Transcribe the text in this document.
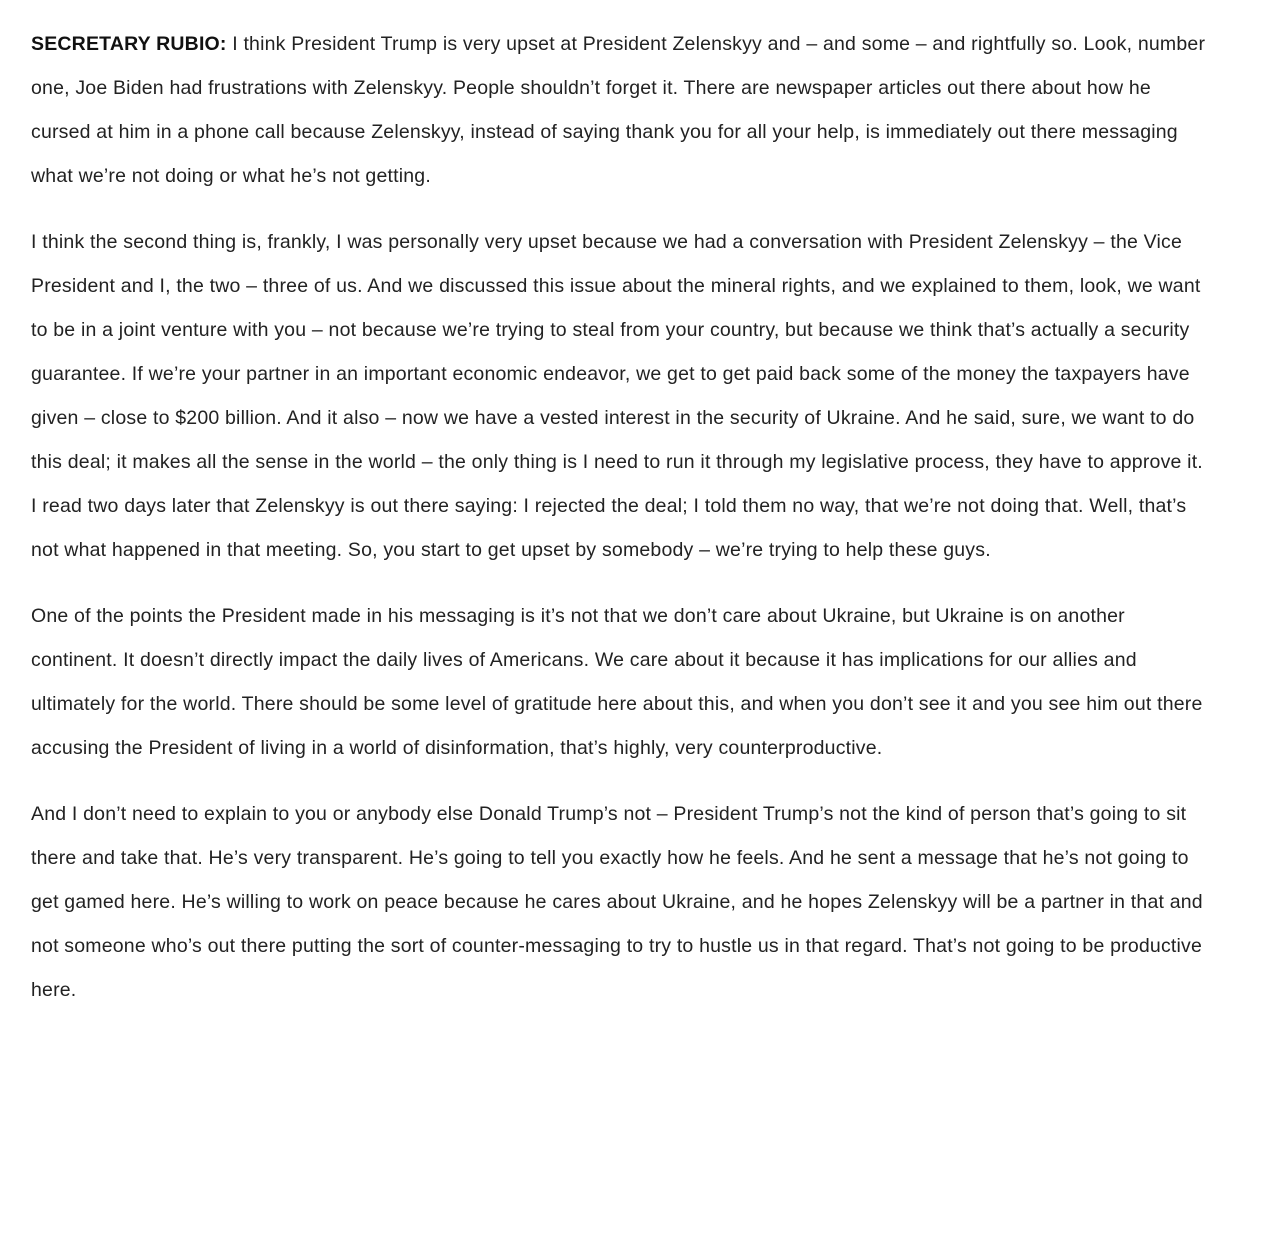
SECRETARY RUBIO: I think President Trump is very upset at President Zelenskyy and – and some – and rightfully so. Look, number one, Joe Biden had frustrations with Zelenskyy. People shouldn’t forget it. There are newspaper articles out there about how he cursed at him in a phone call because Zelenskyy, instead of saying thank you for all your help, is immediately out there messaging what we’re not doing or what he’s not getting.

I think the second thing is, frankly, I was personally very upset because we had a conversation with President Zelenskyy – the Vice President and I, the two – three of us. And we discussed this issue about the mineral rights, and we explained to them, look, we want to be in a joint venture with you – not because we’re trying to steal from your country, but because we think that’s actually a security guarantee. If we’re your partner in an important economic endeavor, we get to get paid back some of the money the taxpayers have given – close to $200 billion. And it also – now we have a vested interest in the security of Ukraine. And he said, sure, we want to do this deal; it makes all the sense in the world – the only thing is I need to run it through my legislative process, they have to approve it. I read two days later that Zelenskyy is out there saying: I rejected the deal; I told them no way, that we’re not doing that. Well, that’s not what happened in that meeting. So, you start to get upset by somebody – we’re trying to help these guys.

One of the points the President made in his messaging is it’s not that we don’t care about Ukraine, but Ukraine is on another continent. It doesn’t directly impact the daily lives of Americans. We care about it because it has implications for our allies and ultimately for the world. There should be some level of gratitude here about this, and when you don’t see it and you see him out there accusing the President of living in a world of disinformation, that’s highly, very counterproductive.

And I don’t need to explain to you or anybody else Donald Trump’s not – President Trump’s not the kind of person that’s going to sit there and take that. He’s very transparent. He’s going to tell you exactly how he feels. And he sent a message that he’s not going to get gamed here. He’s willing to work on peace because he cares about Ukraine, and he hopes Zelenskyy will be a partner in that and not someone who’s out there putting the sort of counter-messaging to try to hustle us in that regard. That’s not going to be productive here.
